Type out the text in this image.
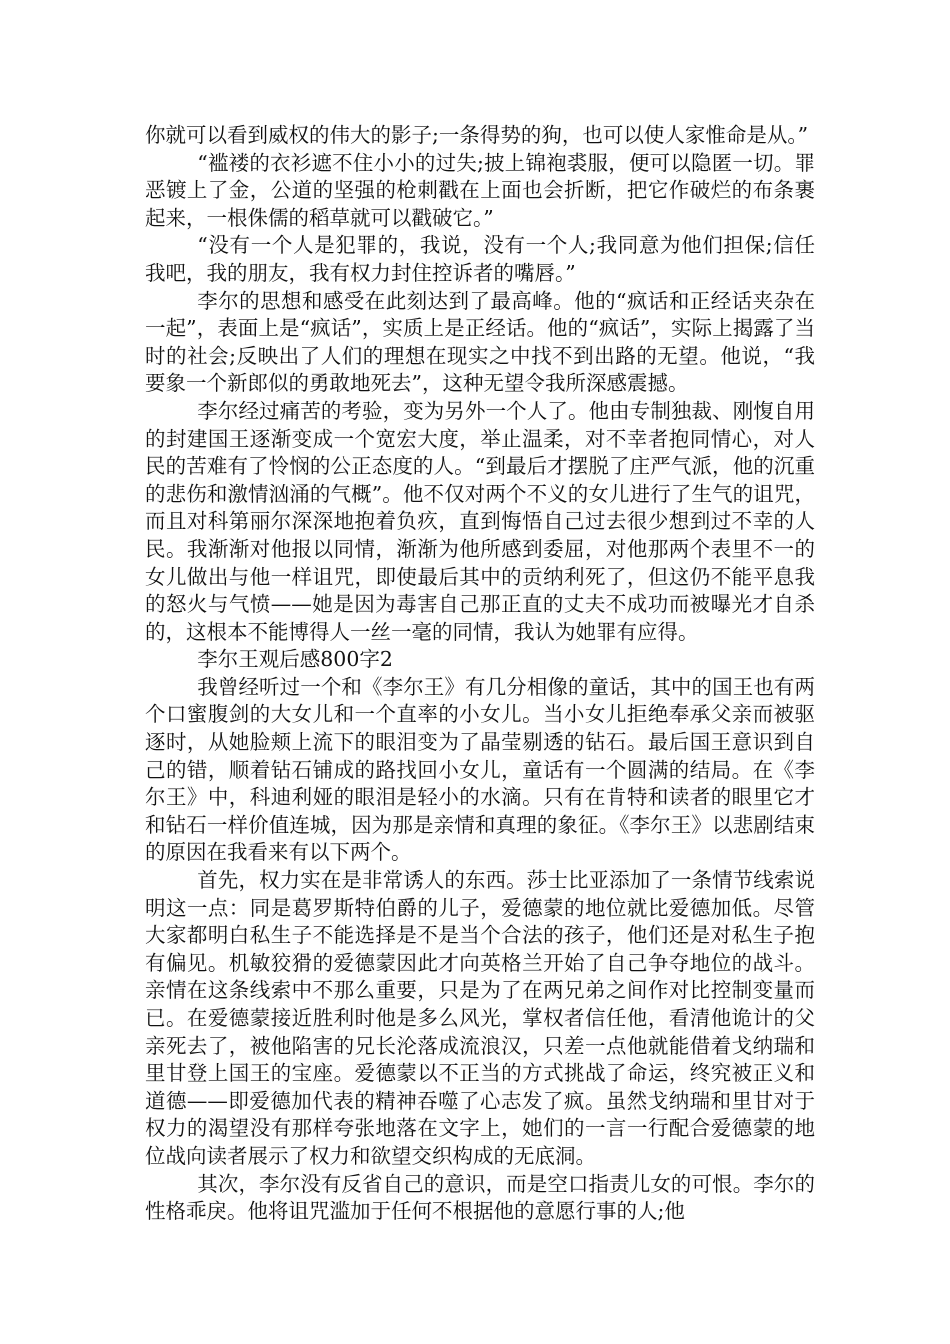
你就可以看到威权的伟大的影子;一条得势的狗，也可以使人家惟命是从。”

“褴褛的衣衫遮不住小小的过失;披上锦袍裘服，便可以隐匿一切。罪恶镀上了金，公道的坚强的枪刺戳在上面也会折断，把它作破烂的布条裹起来，一根侏儒的稻草就可以戳破它。”

“没有一个人是犯罪的，我说，没有一个人;我同意为他们担保;信任我吧，我的朋友，我有权力封住控诉者的嘴唇。”

李尔的思想和感受在此刻达到了最高峰。他的“疯话和正经话夹杂在一起”，表面上是“疯话”，实质上是正经话。他的“疯话”，实际上揭露了当时的社会;反映出了人们的理想在现实之中找不到出路的无望。他说，“我要象一个新郎似的勇敢地死去”，这种无望令我所深感震撼。

李尔经过痛苦的考验，变为另外一个人了。他由专制独裁、刚愎自用的封建国王逐渐变成一个宽宏大度，举止温柔，对不幸者抱同情心，对人民的苦难有了怜悯的公正态度的人。“到最后才摆脱了庄严气派，他的沉重的悲伤和激情汹涌的气概”。他不仅对两个不义的女儿进行了生气的诅咒，而且对科第丽尔深深地抱着负疚，直到悔悟自己过去很少想到过不幸的人民。我渐渐对他报以同情，渐渐为他所感到委屈，对他那两个表里不一的女儿做出与他一样诅咒，即使最后其中的贡纳利死了，但这仍不能平息我的怒火与气愤——她是因为毒害自己那正直的丈夫不成功而被曝光才自杀的，这根本不能博得人一丝一毫的同情，我认为她罪有应得。

李尔王观后感800字2

我曾经听过一个和《李尔王》有几分相像的童话，其中的国王也有两个口蜜腹剑的大女儿和一个直率的小女儿。当小女儿拒绝奉承父亲而被驱逐时，从她脸颊上流下的眼泪变为了晶莹剔透的钻石。最后国王意识到自己的错，顺着钻石铺成的路找回小女儿，童话有一个圆满的结局。在《李尔王》中，科迪利娅的眼泪是轻小的水滴。只有在肯特和读者的眼里它才和钻石一样价值连城，因为那是亲情和真理的象征。《李尔王》以悲剧结束的原因在我看来有以下两个。

首先，权力实在是非常诱人的东西。莎士比亚添加了一条情节线索说明这一点：同是葛罗斯特伯爵的儿子，爱德蒙的地位就比爱德加低。尽管大家都明白私生子不能选择是不是当个合法的孩子，他们还是对私生子抱有偏见。机敏狡猾的爱德蒙因此才向英格兰开始了自己争夺地位的战斗。亲情在这条线索中不那么重要，只是为了在两兄弟之间作对比控制变量而已。在爱德蒙接近胜利时他是多么风光，掌权者信任他，看清他诡计的父亲死去了，被他陷害的兄长沦落成流浪汉，只差一点他就能借着戈纳瑞和里甘登上国王的宝座。爱德蒙以不正当的方式挑战了命运，终究被正义和道德——即爱德加代表的精神吞噬了心志发了疯。虽然戈纳瑞和里甘对于权力的渴望没有那样夸张地落在文字上，她们的一言一行配合爱德蒙的地位战向读者展示了权力和欲望交织构成的无底洞。

其次，李尔没有反省自己的意识，而是空口指责儿女的可恨。李尔的性格乖戾。他将诅咒滥加于任何不根据他的意愿行事的人;他
